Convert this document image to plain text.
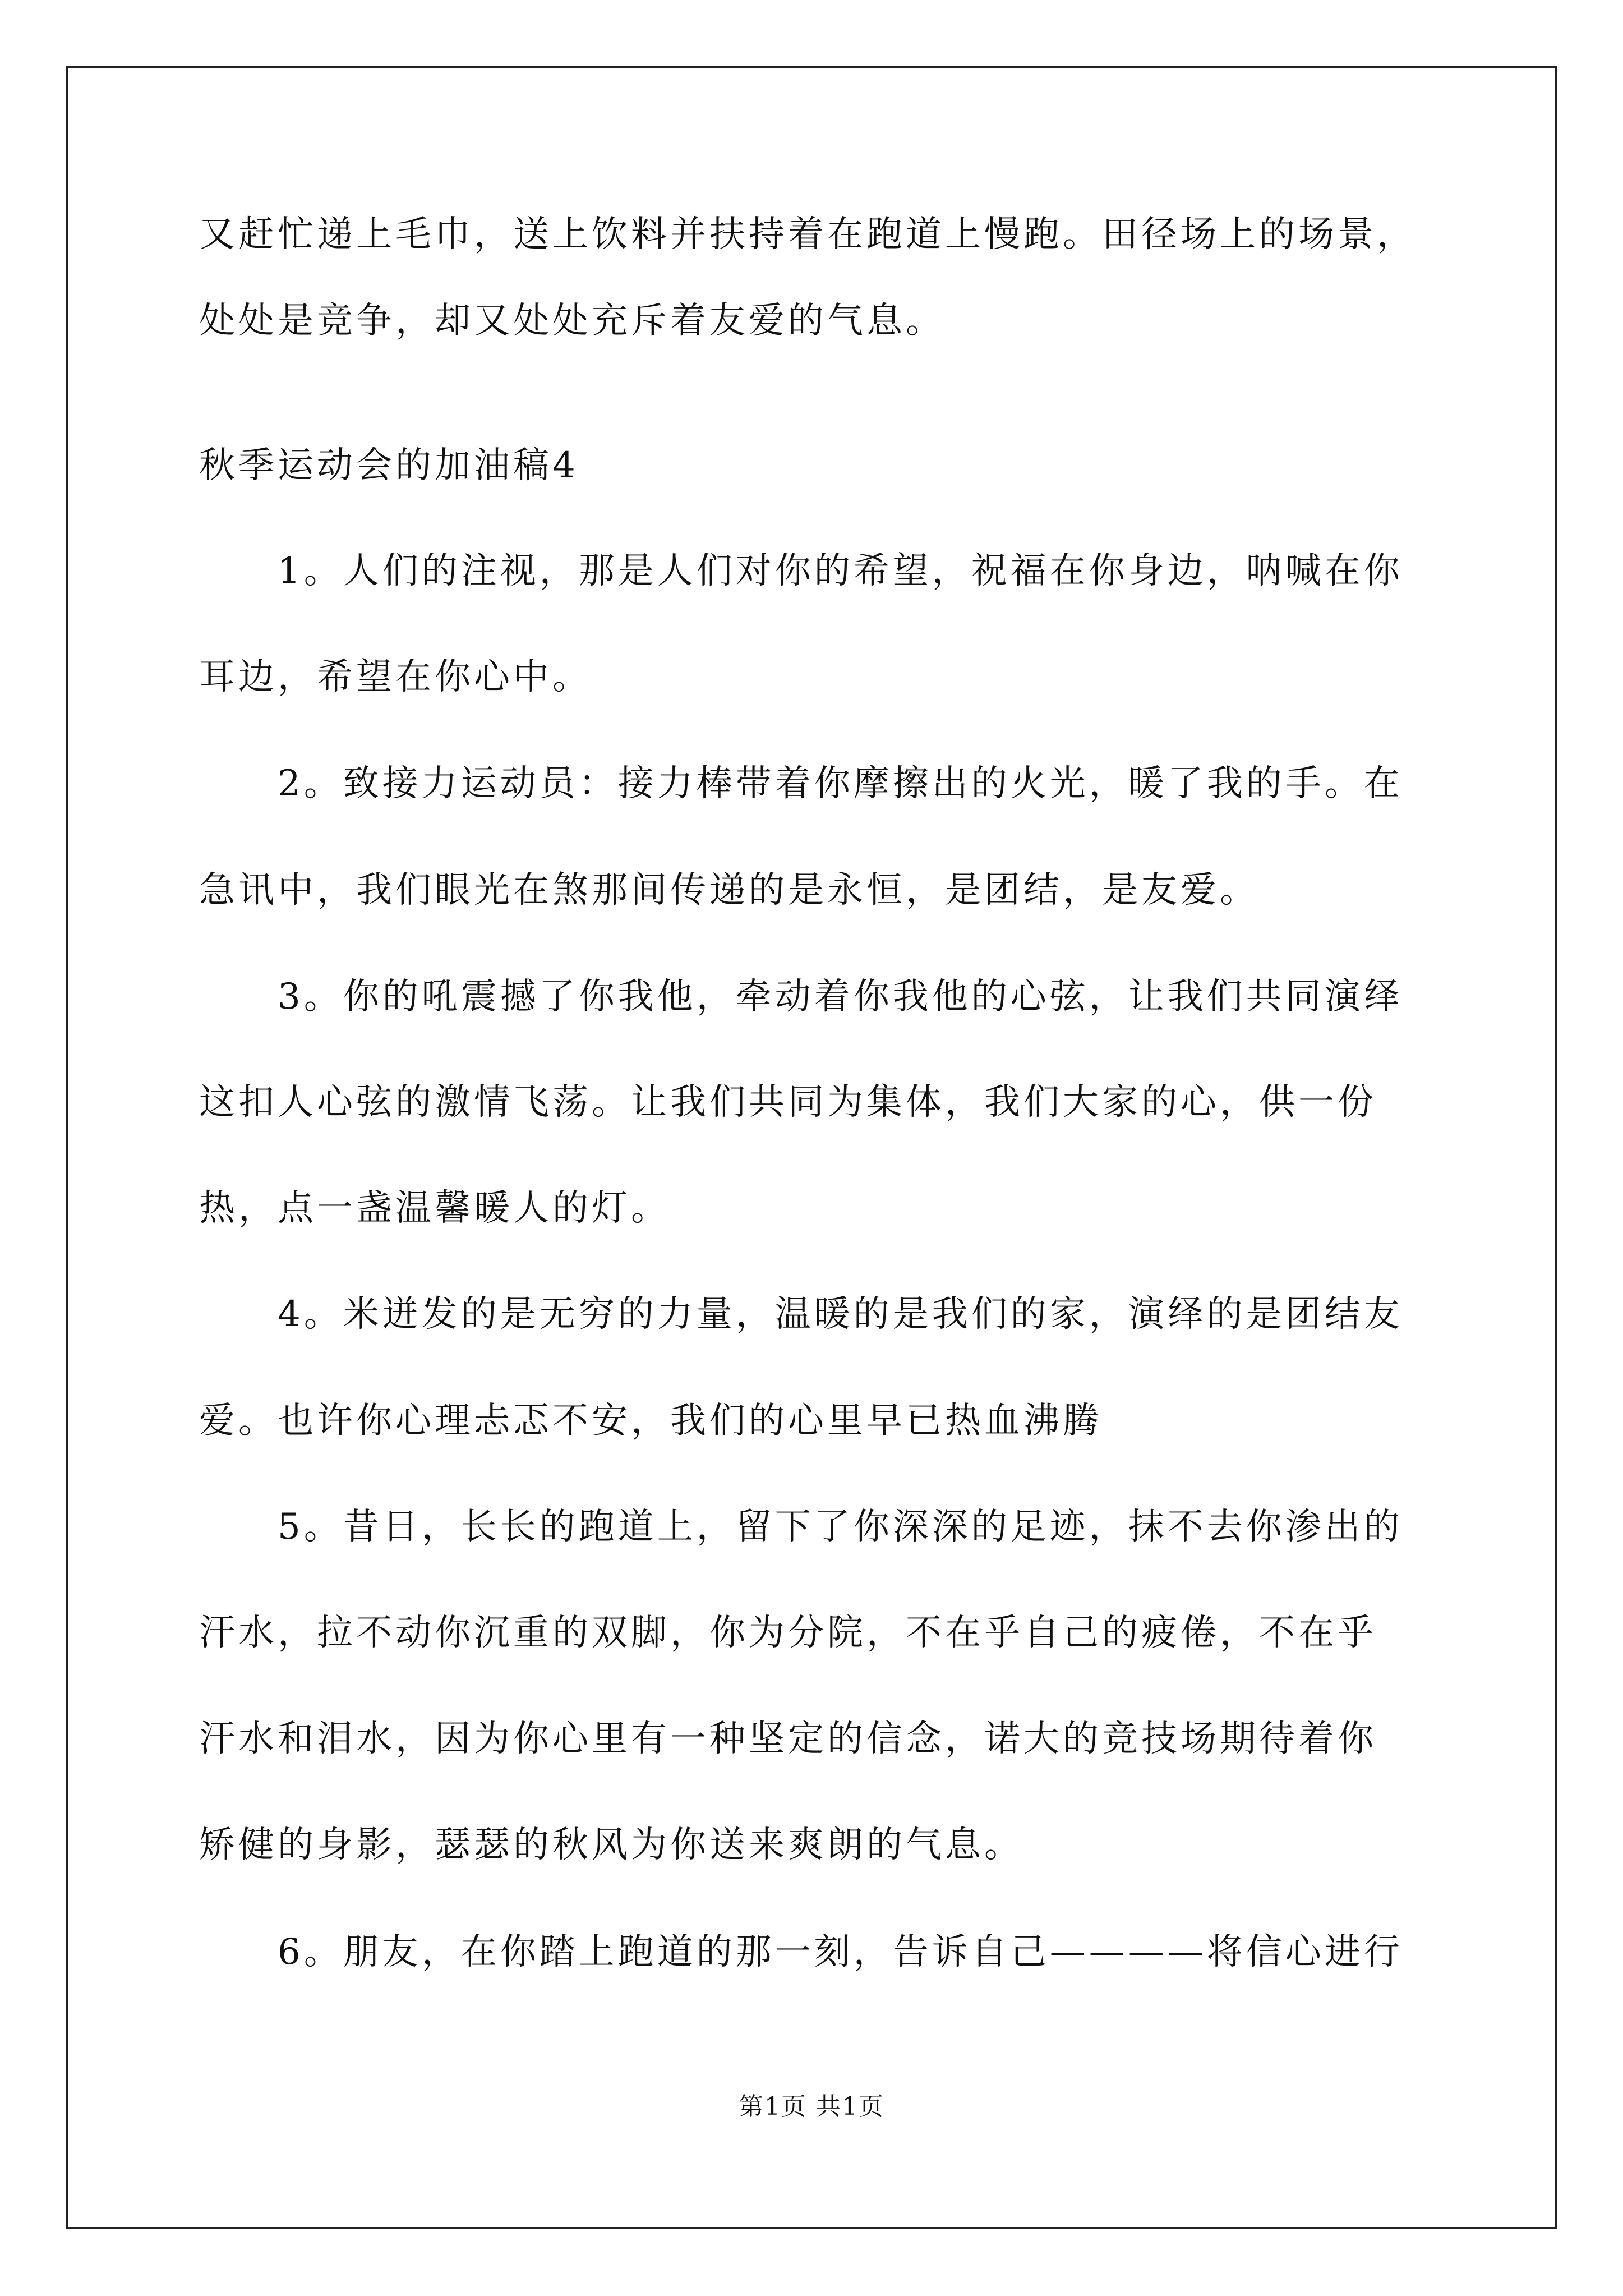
又赶忙递上毛巾，送上饮料并扶持着在跑道上慢跑。田径场上的场景，
处处是竞争，却又处处充斥着友爱的气息。
秋季运动会的加油稿4
1。人们的注视，那是人们对你的希望，祝福在你身边，呐喊在你
耳边，希望在你心中。
2。致接力运动员：接力棒带着你摩擦出的火光，暖了我的手。在
急讯中，我们眼光在煞那间传递的是永恒，是团结，是友爱。
3。你的吼震撼了你我他，牵动着你我他的心弦，让我们共同演绎
这扣人心弦的激情飞荡。让我们共同为集体，我们大家的心，供一份
热，点一盏温馨暖人的灯。
4。米迸发的是无穷的力量，温暖的是我们的家，演绎的是团结友
爱。也许你心理忐忑不安，我们的心里早已热血沸腾
5。昔日，长长的跑道上，留下了你深深的足迹，抹不去你渗出的
汗水，拉不动你沉重的双脚，你为分院，不在乎自己的疲倦，不在乎
汗水和泪水，因为你心里有一种坚定的信念，诺大的竞技场期待着你
矫健的身影，瑟瑟的秋风为你送来爽朗的气息。
6。朋友，在你踏上跑道的那一刻，告诉自己————将信心进行
第1页 共1页
